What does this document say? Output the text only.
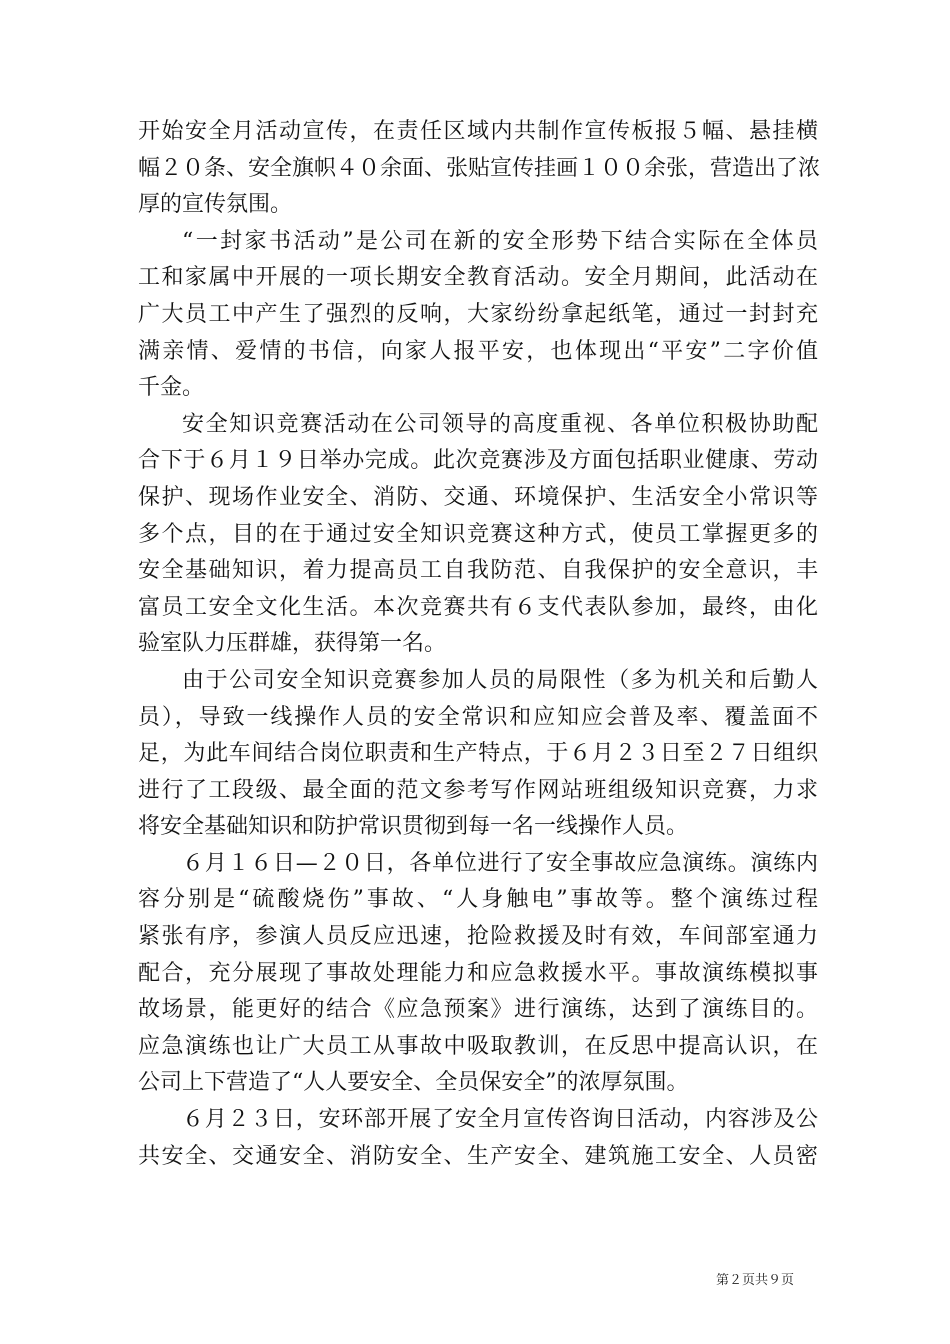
开始安全月活动宣传，在责任区域内共制作宣传板报５幅、悬挂横
幅２０条、安全旗帜４０余面、张贴宣传挂画１００余张，营造出了浓
厚的宣传氛围。
“一封家书活动”是公司在新的安全形势下结合实际在全体员
工和家属中开展的一项长期安全教育活动。安全月期间，此活动在
广大员工中产生了强烈的反响，大家纷纷拿起纸笔，通过一封封充
满亲情、爱情的书信，向家人报平安，也体现出“平安”二字价值
千金。
安全知识竞赛活动在公司领导的高度重视、各单位积极协助配
合下于６月１９日举办完成。此次竞赛涉及方面包括职业健康、劳动
保护、现场作业安全、消防、交通、环境保护、生活安全小常识等
多个点，目的在于通过安全知识竞赛这种方式，使员工掌握更多的
安全基础知识，着力提高员工自我防范、自我保护的安全意识，丰
富员工安全文化生活。本次竞赛共有６支代表队参加，最终，由化
验室队力压群雄，获得第一名。
由于公司安全知识竞赛参加人员的局限性（多为机关和后勤人
员），导致一线操作人员的安全常识和应知应会普及率、覆盖面不
足，为此车间结合岗位职责和生产特点，于６月２３日至２７日组织
进行了工段级、最全面的范文参考写作网站班组级知识竞赛，力求
将安全基础知识和防护常识贯彻到每一名一线操作人员。
６月１６日—２０日，各单位进行了安全事故应急演练。演练内
容分别是“硫酸烧伤”事故、“人身触电”事故等。整个演练过程
紧张有序，参演人员反应迅速，抢险救援及时有效，车间部室通力
配合，充分展现了事故处理能力和应急救援水平。事故演练模拟事
故场景，能更好的结合《应急预案》进行演练，达到了演练目的。
应急演练也让广大员工从事故中吸取教训，在反思中提高认识，在
公司上下营造了“人人要安全、全员保安全”的浓厚氛围。
６月２３日，安环部开展了安全月宣传咨询日活动，内容涉及公
共安全、交通安全、消防安全、生产安全、建筑施工安全、人员密
第２页共９页
